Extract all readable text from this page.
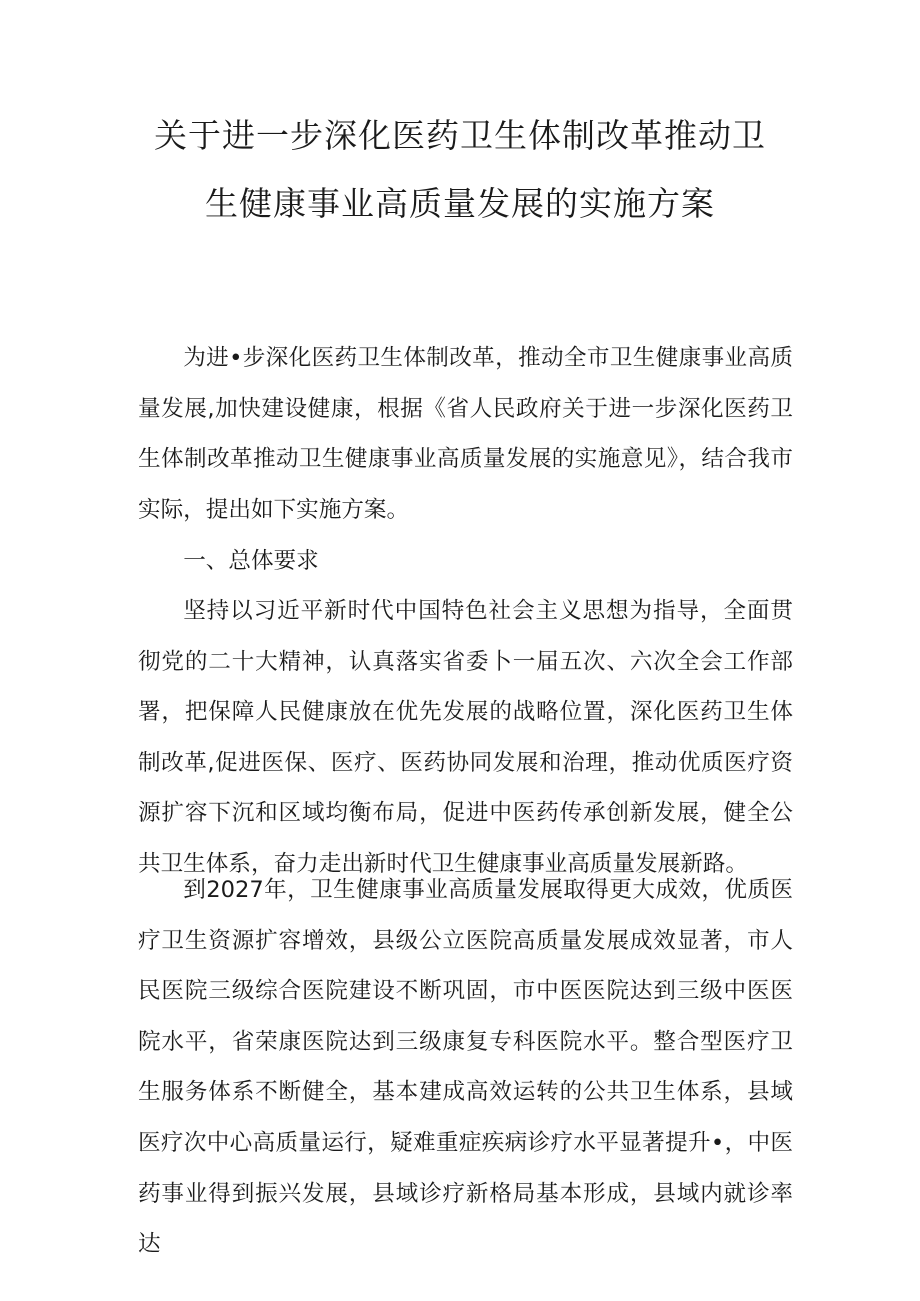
关于进一步深化医药卫生体制改革推动卫
生健康事业高质量发展的实施方案

为进•步深化医药卫生体制改革，推动全市卫生健康事业高质量发展,加快建设健康，根据《省人民政府关于进一步深化医药卫生体制改革推动卫生健康事业高质量发展的实施意见》，结合我市实际，提出如下实施方案。

一、总体要求

坚持以习近平新时代中国特色社会主义思想为指导，全面贯彻党的二十大精神，认真落实省委卜一届五次、六次全会工作部署，把保障人民健康放在优先发展的战略位置，深化医药卫生体制改革,促进医保、医疗、医药协同发展和治理，推动优质医疗资源扩容下沉和区域均衡布局，促进中医药传承创新发展，健全公共卫生体系，奋力走出新时代卫生健康事业高质量发展新路。

到2027年，卫生健康事业高质量发展取得更大成效，优质医疗卫生资源扩容增效，县级公立医院高质量发展成效显著，市人民医院三级综合医院建设不断巩固，市中医医院达到三级中医医院水平，省荣康医院达到三级康复专科医院水平。整合型医疗卫生服务体系不断健全，基本建成高效运转的公共卫生体系，县域医疗次中心高质量运行，疑难重症疾病诊疗水平显著提升•，中医药事业得到振兴发展，县域诊疗新格局基本形成，县域内就诊率达
